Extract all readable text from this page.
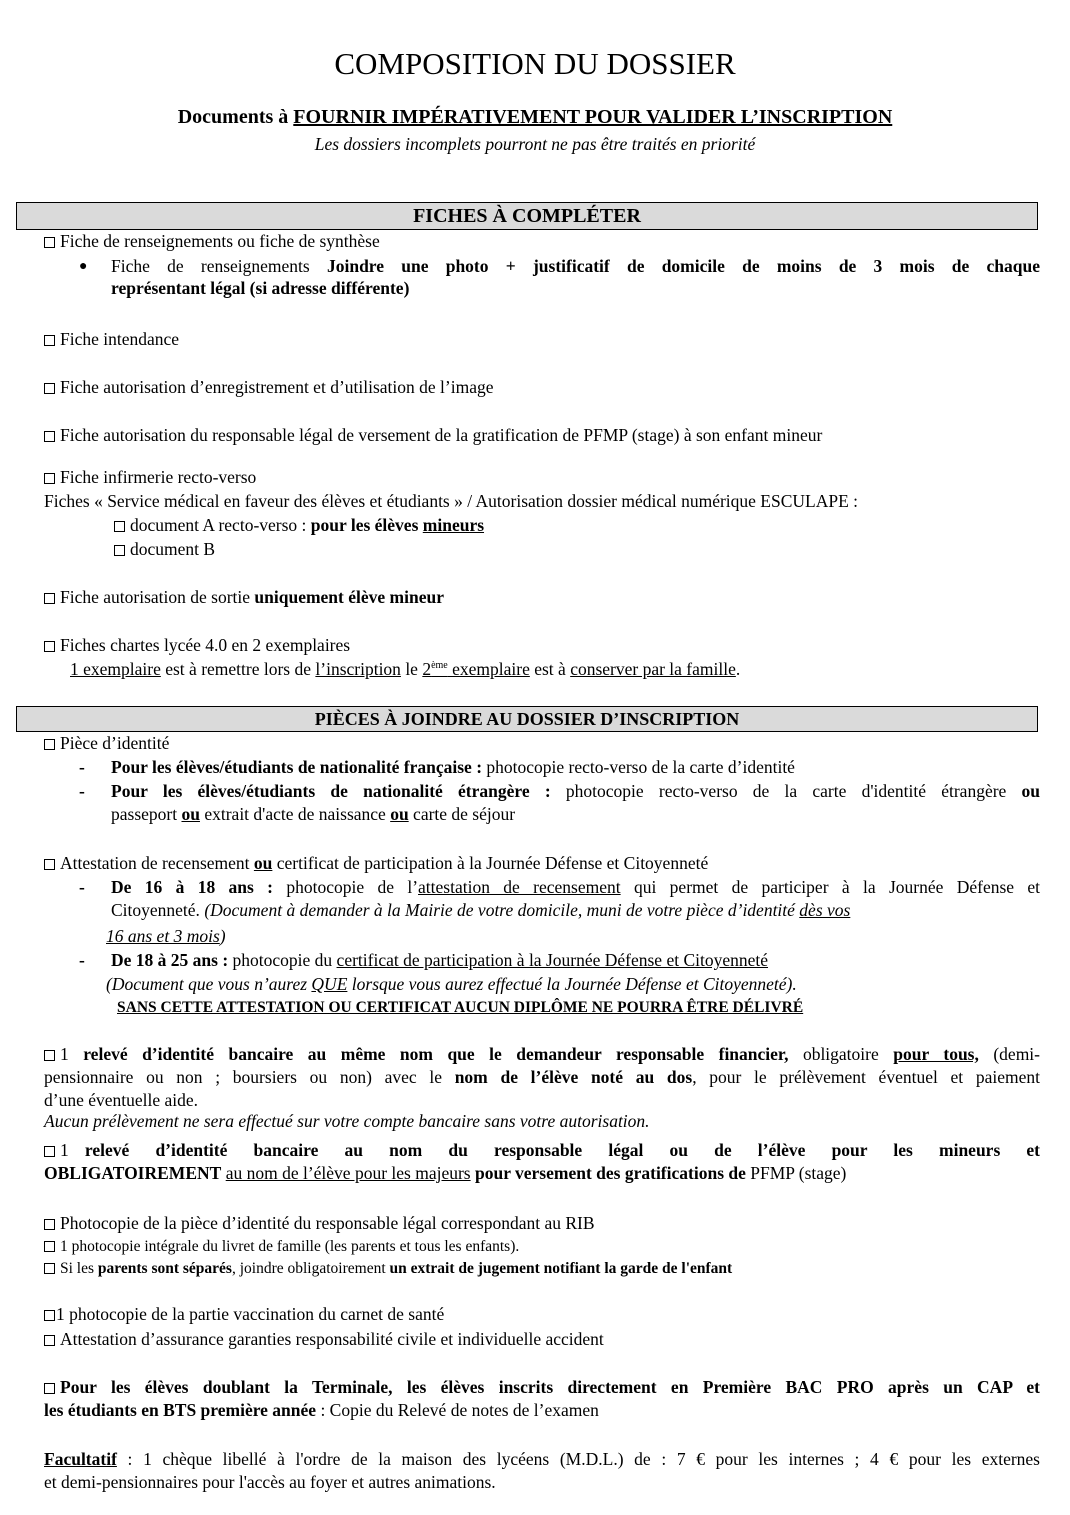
COMPOSITION DU DOSSIER
Documents à FOURNIR IMPÉRATIVEMENT POUR VALIDER L’INSCRIPTION
Les dossiers incomplets pourront ne pas être traités en priorité
FICHES À COMPLÉTER
Fiche de renseignements ou fiche de synthèse
● Fiche de renseignements Joindre une photo + justificatif de domicile de moins de 3 mois de chaque
représentant légal (si adresse différente)
Fiche intendance
Fiche autorisation d’enregistrement et d’utilisation de l’image
Fiche autorisation du responsable légal de versement de la gratification de PFMP (stage) à son enfant mineur
Fiche infirmerie recto-verso
Fiches « Service médical en faveur des élèves et étudiants » / Autorisation dossier médical numérique ESCULAPE :
document A recto-verso : pour les élèves mineurs
document B
Fiche autorisation de sortie uniquement élève mineur
Fiches chartes lycée 4.0 en 2 exemplaires
1 exemplaire est à remettre lors de l’inscription le 2ème exemplaire est à conserver par la famille.
PIÈCES À JOINDRE AU DOSSIER D’INSCRIPTION
Pièce d’identité
- Pour les élèves/étudiants de nationalité française : photocopie recto-verso de la carte d’identité
- Pour les élèves/étudiants de nationalité étrangère : photocopie recto-verso de la carte d'identité étrangère ou
passeport ou extrait d'acte de naissance ou carte de séjour
Attestation de recensement ou certificat de participation à la Journée Défense et Citoyenneté
- De 16 à 18 ans : photocopie de l’attestation de recensement qui permet de participer à la Journée Défense et
Citoyenneté. (Document à demander à la Mairie de votre domicile, muni de votre pièce d’identité dès vos
16 ans et 3 mois)
- De 18 à 25 ans : photocopie du certificat de participation à la Journée Défense et Citoyenneté
(Document que vous n’aurez QUE lorsque vous aurez effectué la Journée Défense et Citoyenneté).
SANS CETTE ATTESTATION OU CERTIFICAT AUCUN DIPLÔME NE POURRA ÊTRE DÉLIVRÉ
1 relevé d’identité bancaire au même nom que le demandeur responsable financier, obligatoire pour tous, (demi-
pensionnaire ou non ; boursiers ou non) avec le nom de l’élève noté au dos, pour le prélèvement éventuel et paiement
d’une éventuelle aide.
Aucun prélèvement ne sera effectué sur votre compte bancaire sans votre autorisation.
1 relevé d’identité bancaire au nom du responsable légal ou de l’élève pour les mineurs et
OBLIGATOIREMENT au nom de l’élève pour les majeurs pour versement des gratifications de PFMP (stage)
Photocopie de la pièce d’identité du responsable légal correspondant au RIB
1 photocopie intégrale du livret de famille (les parents et tous les enfants).
Si les parents sont séparés, joindre obligatoirement un extrait de jugement notifiant la garde de l'enfant
1 photocopie de la partie vaccination du carnet de santé
Attestation d’assurance garanties responsabilité civile et individuelle accident
Pour les élèves doublant la Terminale, les élèves inscrits directement en Première BAC PRO après un CAP et
les étudiants en BTS première année : Copie du Relevé de notes de l’examen
Facultatif : 1 chèque libellé à l'ordre de la maison des lycéens (M.D.L.) de : 7 € pour les internes ; 4 € pour les externes
et demi-pensionnaires pour l'accès au foyer et autres animations.
